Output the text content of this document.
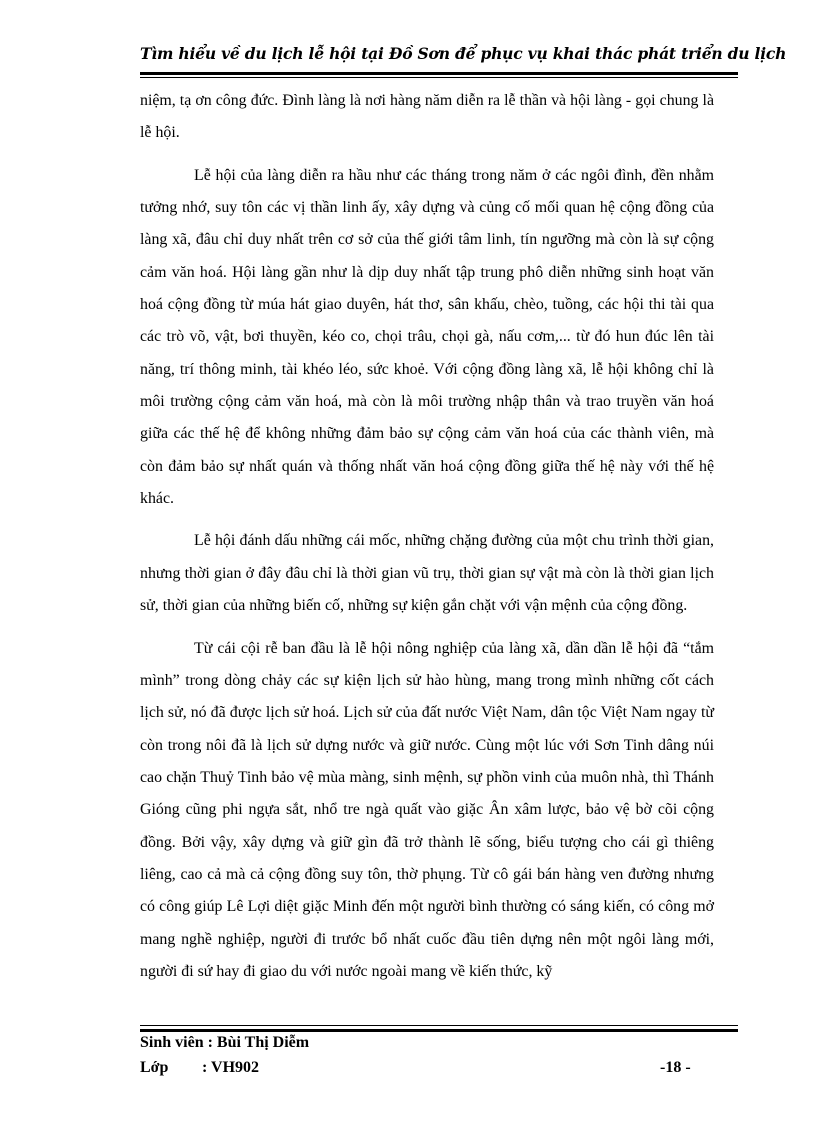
Tìm hiểu về du lịch lễ hội tại Đồ Sơn để phục vụ khai thác phát triển du lịch

niệm, tạ ơn công đức. Đình làng là nơi hàng năm diễn ra lễ thần và hội làng - gọi chung là lễ hội.

Lễ hội của làng diễn ra hầu như các tháng trong năm ở các ngôi đình, đền nhằm tưởng nhớ, suy tôn các vị thần linh ấy, xây dựng và củng cố mối quan hệ cộng đồng của làng xã, đâu chỉ duy nhất trên cơ sở của thế giới tâm linh, tín ngưỡng mà còn là sự cộng cảm văn hoá. Hội làng gần như là dịp duy nhất tập trung phô diễn những sinh hoạt văn hoá cộng đồng từ múa hát giao duyên, hát thơ, sân khấu, chèo, tuồng, các hội thi tài qua các trò võ, vật, bơi thuyền, kéo co, chọi trâu, chọi gà, nấu cơm,... từ đó hun đúc lên tài năng, trí thông minh, tài khéo léo, sức khoẻ. Với cộng đồng làng xã, lễ hội không chỉ là môi trường cộng cảm văn hoá, mà còn là môi trường nhập thân và trao truyền văn hoá giữa các thế hệ để không những đảm bảo sự cộng cảm văn hoá của các thành viên, mà còn đảm bảo sự nhất quán và thống nhất văn hoá cộng đồng giữa thế hệ này với thế hệ khác.

Lễ hội đánh dấu những cái mốc, những chặng đường của một chu trình thời gian, nhưng thời gian ở đây đâu chỉ là thời gian vũ trụ, thời gian sự vật mà còn là thời gian lịch sử, thời gian của những biến cố, những sự kiện gắn chặt với vận mệnh của cộng đồng.

Từ cái cội rễ ban đầu là lễ hội nông nghiệp của làng xã, dần dần lễ hội đã “tắm mình” trong dòng chảy các sự kiện lịch sử hào hùng, mang trong mình những cốt cách lịch sử, nó đã được lịch sử hoá. Lịch sử của đất nước Việt Nam, dân tộc Việt Nam ngay từ còn trong nôi đã là lịch sử dựng nước và giữ nước. Cùng một lúc với Sơn Tinh dâng núi cao chặn Thuỷ Tinh bảo vệ mùa màng, sinh mệnh, sự phồn vinh của muôn nhà, thì Thánh Gióng cũng phi ngựa sắt, nhổ tre ngà quất vào giặc Ân xâm lược, bảo vệ bờ cõi cộng đồng. Bởi vậy, xây dựng và giữ gìn đã trở thành lẽ sống, biểu tượng cho cái gì thiêng liêng, cao cả mà cả cộng đồng suy tôn, thờ phụng. Từ cô gái bán hàng ven đường nhưng có công giúp Lê Lợi diệt giặc Minh đến một người bình thường có sáng kiến, có công mở mang nghề nghiệp, người đi trước bổ nhất cuốc đầu tiên dựng nên một ngôi làng mới, người đi sứ hay đi giao du với nước ngoài mang về kiến thức, kỹ

Sinh viên : Bùi Thị Diễm
Lớp : VH902	-18 -
